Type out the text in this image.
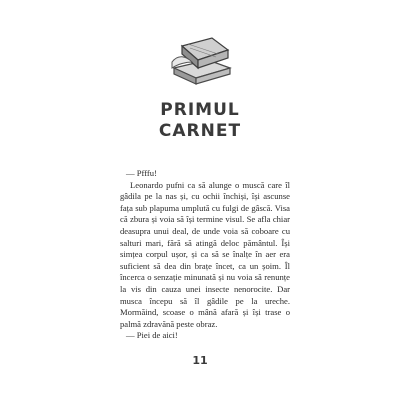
PRIMUL
CARNET

— Pfffu!

Leonardo pufni ca să alunge o muscă care îl gâdila pe la nas și, cu ochii închiși, își ascunse fața sub plapuma umplută cu fulgi de gâscă. Visa că zbura și voia să își termine visul. Se afla chiar deasupra unui deal, de unde voia să coboare cu salturi mari, fără să atingă deloc pământul. Își simțea corpul ușor, și ca să se înalțe în aer era suficient să dea din brațe încet, ca un șoim. Îl încerca o senzație minunată și nu voia să renunțe la vis din cauza unei insecte nenorocite. Dar musca începu să îl gâdile pe la ureche. Mormăind, scoase o mână afară și își trase o palmă zdravănă peste obraz.

— Piei de aici!

11
